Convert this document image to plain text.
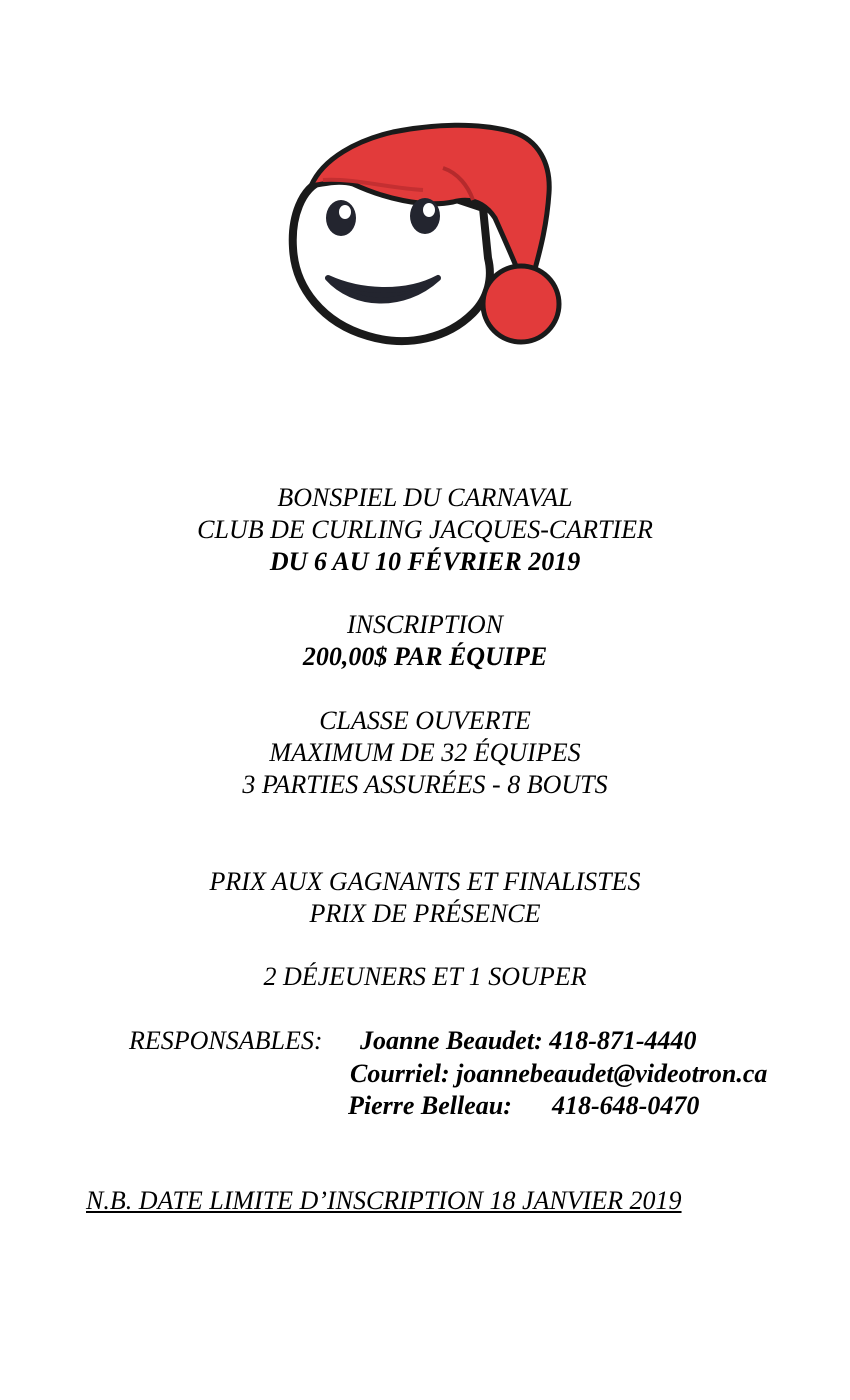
BONSPIEL DU CARNAVAL
CLUB DE CURLING JACQUES-CARTIER
DU 6 AU 10 FÉVRIER 2019
INSCRIPTION
200,00$ PAR ÉQUIPE
CLASSE OUVERTE
MAXIMUM DE 32 ÉQUIPES
3 PARTIES ASSURÉES - 8 BOUTS
PRIX AUX GAGNANTS ET FINALISTES
PRIX DE PRÉSENCE
2 DÉJEUNERS ET 1 SOUPER
RESPONSABLES: Joanne Beaudet: 418-871-4440
Courriel: joannebeaudet@videotron.ca
Pierre Belleau: 418-648-0470
N.B. DATE LIMITE D’INSCRIPTION 18 JANVIER 2019
